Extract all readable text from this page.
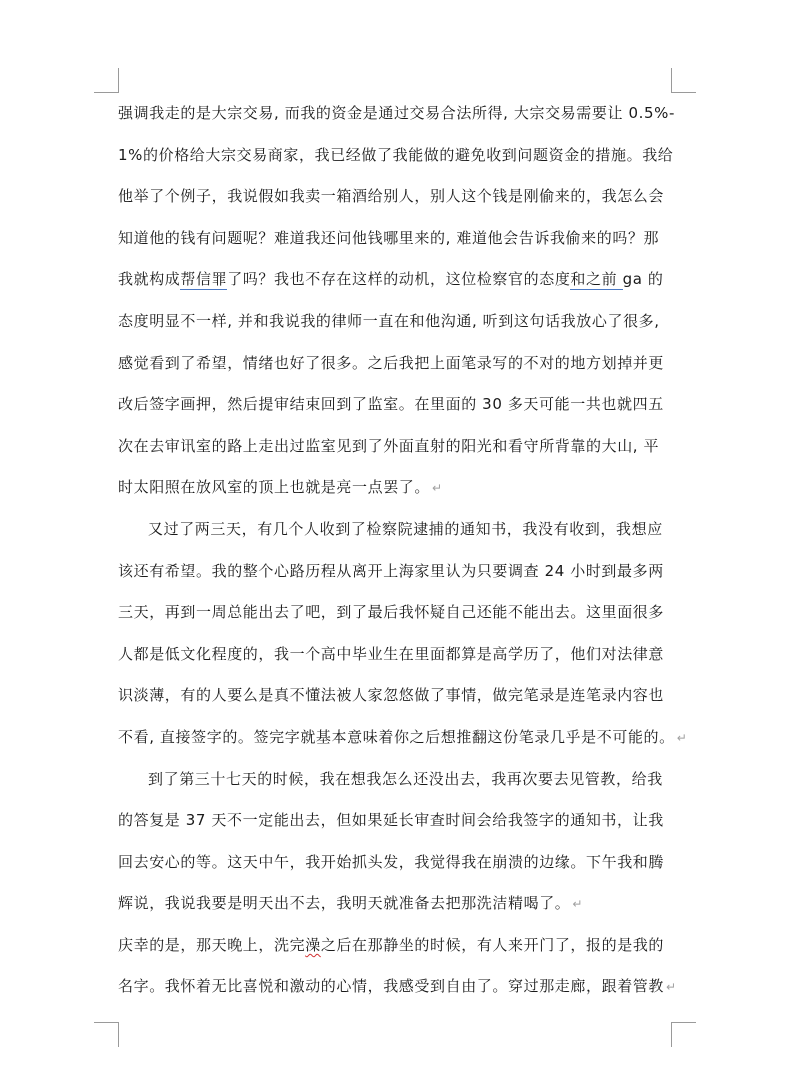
强调我走的是大宗交易, 而我的资金是通过交易合法所得, 大宗交易需要让 0.5%-
1%的价格给大宗交易商家，我已经做了我能做的避免收到问题资金的措施。我给
他举了个例子，我说假如我卖一箱酒给别人，别人这个钱是刚偷来的，我怎么会
知道他的钱有问题呢？难道我还问他钱哪里来的, 难道他会告诉我偷来的吗？那
我就构成帮信罪了吗？我也不存在这样的动机，这位检察官的态度和之前 ga 的
态度明显不一样, 并和我说我的律师一直在和他沟通, 听到这句话我放心了很多,
感觉看到了希望，情绪也好了很多。之后我把上面笔录写的不对的地方划掉并更
改后签字画押，然后提审结束回到了监室。在里面的 30 多天可能一共也就四五
次在去审讯室的路上走出过监室见到了外面直射的阳光和看守所背靠的大山, 平
时太阳照在放风室的顶上也就是亮一点罢了。 ↵
又过了两三天，有几个人收到了检察院逮捕的通知书，我没有收到，我想应
该还有希望。我的整个心路历程从离开上海家里认为只要调查 24 小时到最多两
三天，再到一周总能出去了吧，到了最后我怀疑自己还能不能出去。这里面很多
人都是低文化程度的，我一个高中毕业生在里面都算是高学历了，他们对法律意
识淡薄，有的人要么是真不懂法被人家忽悠做了事情，做完笔录是连笔录内容也
不看, 直接签字的。签完字就基本意味着你之后想推翻这份笔录几乎是不可能的。 ↵
到了第三十七天的时候，我在想我怎么还没出去，我再次要去见管教，给我
的答复是 37 天不一定能出去，但如果延长审查时间会给我签字的通知书，让我
回去安心的等。这天中午，我开始抓头发，我觉得我在崩溃的边缘。下午我和腾
辉说，我说我要是明天出不去，我明天就准备去把那洗洁精喝了。 ↵
庆幸的是，那天晚上，洗完澡之后在那静坐的时候，有人来开门了，报的是我的
名字。我怀着无比喜悦和激动的心情，我感受到自由了。穿过那走廊，跟着管教 ↵
